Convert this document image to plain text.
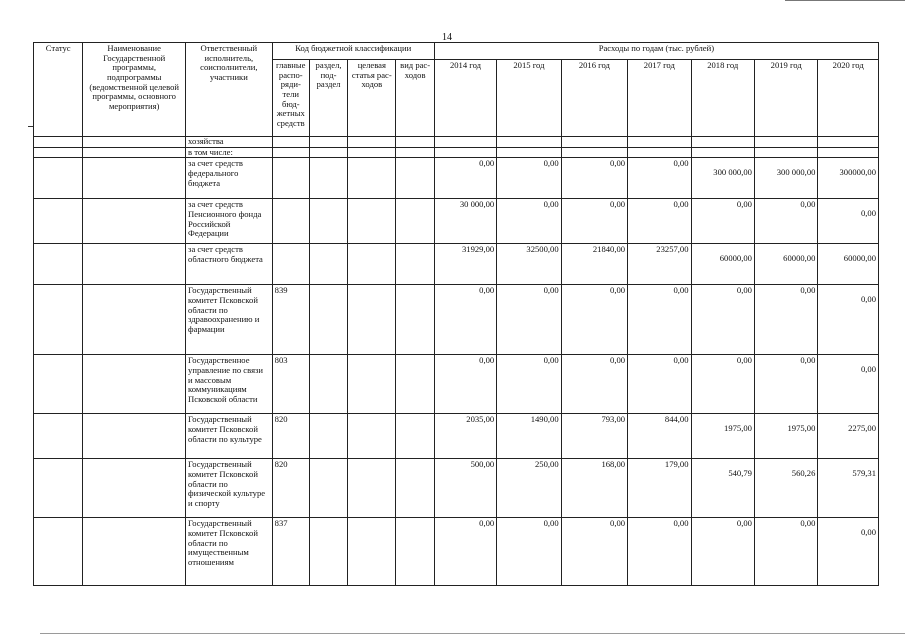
14
Статус	Наименование Государственной программы, подпрограммы (ведомственной целевой программы, основного мероприятия)	Ответственный исполнитель, соисполнители, участники	Код бюджетной классификации				Расходы по годам (тыс. рублей)						
			главные распо-ряди-тели бюд-жетных средств	раздел, под-раздел	целевая статья рас-ходов	вид рас-ходов	2014 год	2015 год	2016 год	2017 год	2018 год	2019 год	2020 год
		хозяйства											
		в том числе:											
		за счет средств федерального бюджета					0,00	0,00	0,00	0,00	300 000,00	300 000,00	300000,00
		за счет средств Пенсионного фонда Российской Федерации					30 000,00	0,00	0,00	0,00	0,00	0,00	0,00
		за счет средств областного бюджета					31929,00	32500,00	21840,00	23257,00	60000,00	60000,00	60000,00
		Государственный комитет Псковской области по здравоохранению и фармации	839				0,00	0,00	0,00	0,00	0,00	0,00	0,00
		Государственное управление по связи и массовым коммуникациям Псковской области	803				0,00	0,00	0,00	0,00	0,00	0,00	0,00
		Государственный комитет Псковской области по культуре	820				2035,00	1490,00	793,00	844,00	1975,00	1975,00	2275,00
		Государственный комитет Псковской области по физической культуре и спорту	820				500,00	250,00	168,00	179,00	540,79	560,26	579,31
		Государственный комитет Псковской области по имущественным отношениям	837				0,00	0,00	0,00	0,00	0,00	0,00	0,00
